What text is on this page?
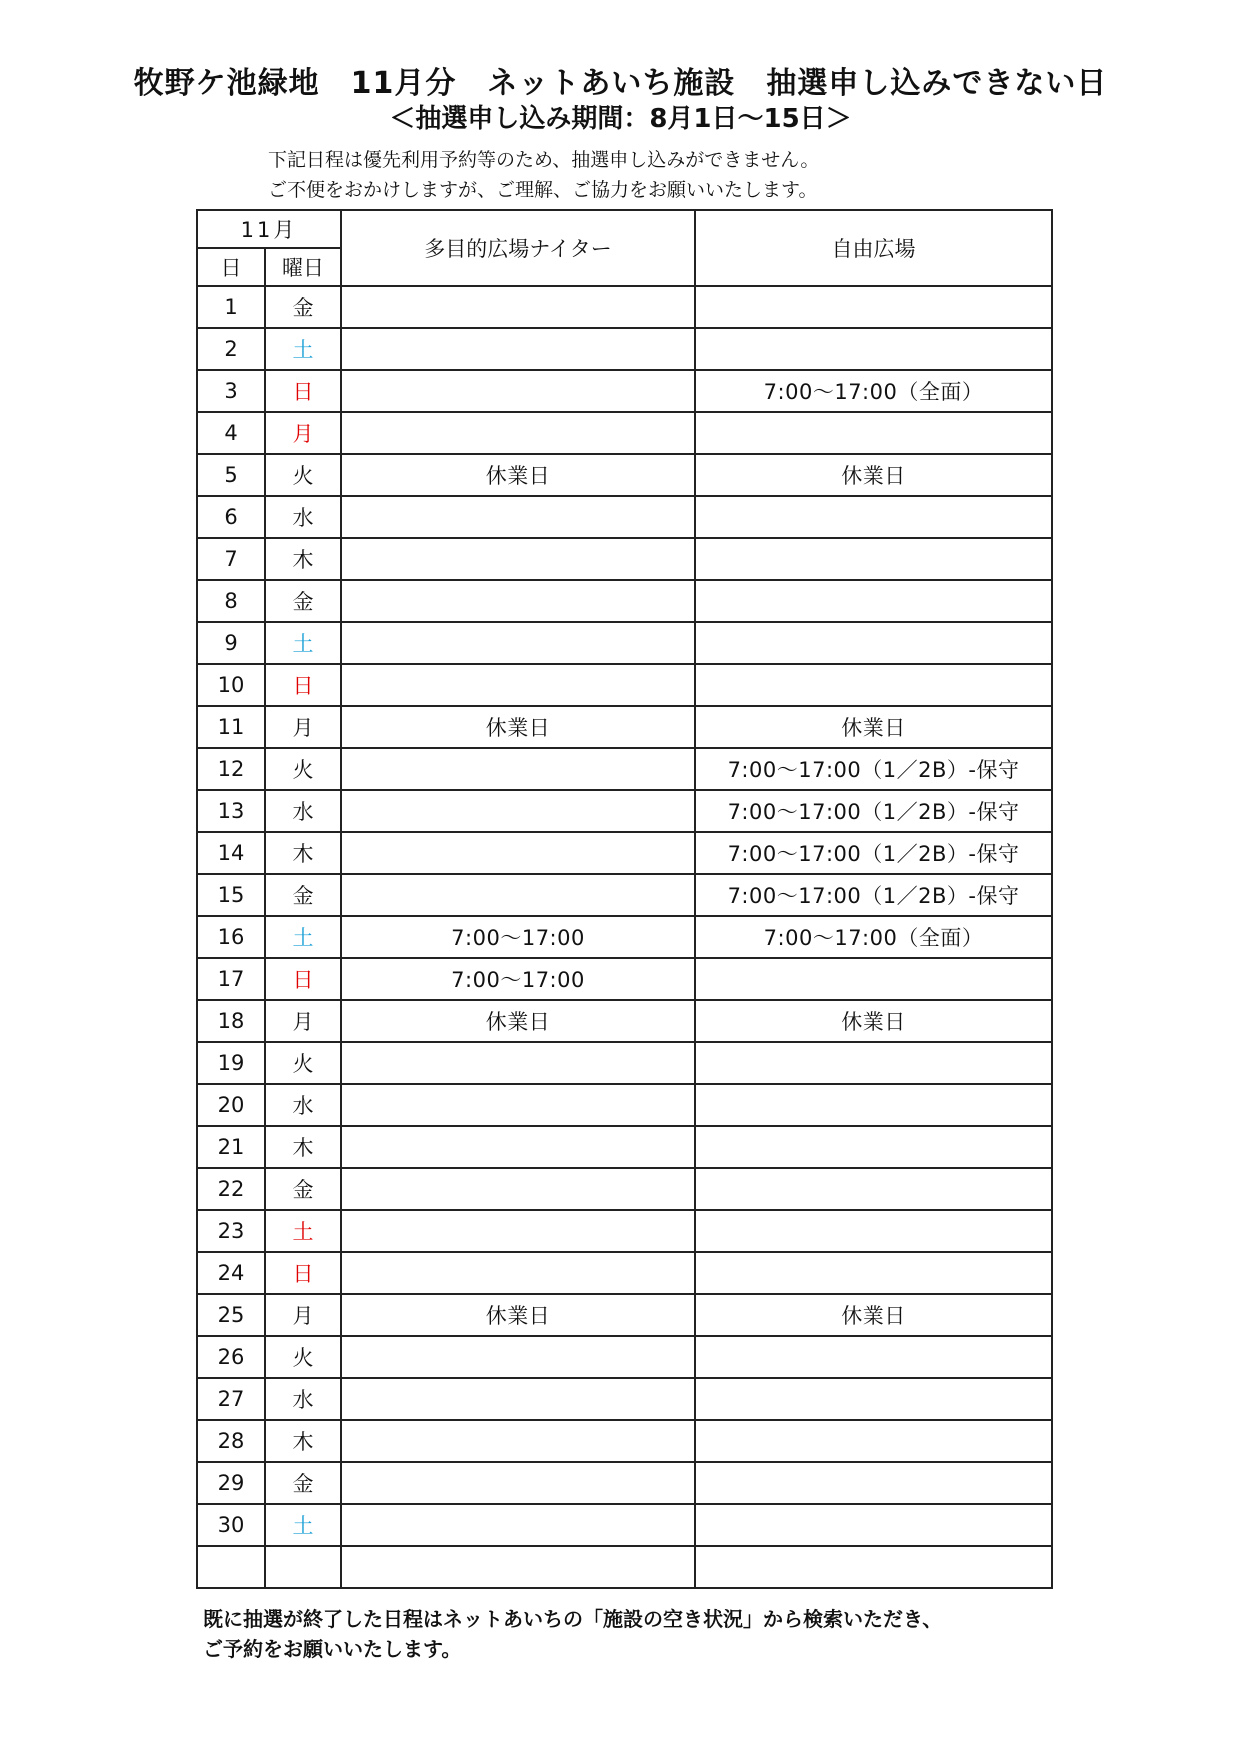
牧野ケ池緑地　11月分　ネットあいち施設　抽選申し込みできない日
＜抽選申し込み期間：8月1日～15日＞
下記日程は優先利用予約等のため、抽選申し込みができません。
ご不便をおかけしますが、ご理解、ご協力をお願いいたします。
11月		多目的広場ナイター	自由広場
日	曜日		
1	金		
2	土		
3	日		7:00～17:00（全面）
4	月		
5	火	休業日	休業日
6	水		
7	木		
8	金		
9	土		
10	日		
11	月	休業日	休業日
12	火		7:00～17:00（1／2B）-保守
13	水		7:00～17:00（1／2B）-保守
14	木		7:00～17:00（1／2B）-保守
15	金		7:00～17:00（1／2B）-保守
16	土	7:00～17:00	7:00～17:00（全面）
17	日	7:00～17:00	
18	月	休業日	休業日
19	火		
20	水		
21	木		
22	金		
23	土		
24	日		
25	月	休業日	休業日
26	火		
27	水		
28	木		
29	金		
30	土		

既に抽選が終了した日程はネットあいちの「施設の空き状況」から検索いただき、
ご予約をお願いいたします。
